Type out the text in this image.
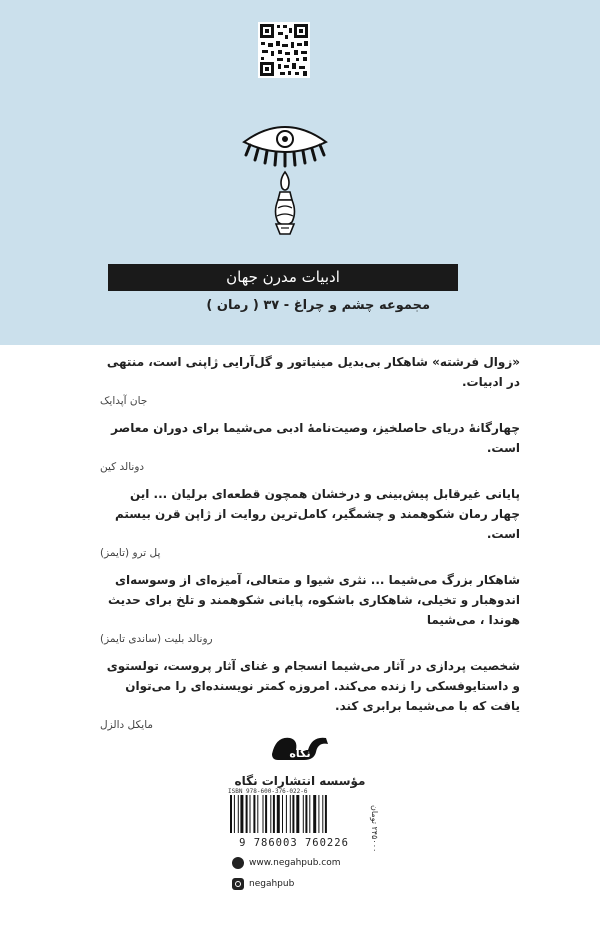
ادبیات مدرن جهان
مجموعه چشم و چراغ - ۳۷ ( رمان )
«زوال فرشته» شاهکار بی‌بدیل مینیاتور و گل‌آرایی ژاپنی است، منتهی در ادبیات.
جان آپدایک
چهارگانهٔ دریای حاصلخیز، وصیت‌نامهٔ ادبی می‌شیما برای دوران معاصر است.
دونالد کین
پایانی غیرقابل پیش‌بینی و درخشان همچون قطعه‌ای برلیان ... این چهار رمان شکوهمند و چشمگیر، کامل‌ترین روایت از ژاپن قرن بیستم است.
پل ترو (تایمز)
شاهکار بزرگ می‌شیما ... نثری شیوا و متعالی، آمیزه‌ای از وسوسه‌ای اندوهبار و تخیلی، شاهکاری باشکوه، پایانی شکوهمند و تلخ برای حدیث هوندا ، می‌شیما
رونالد بلیت (ساندی تایمز)
شخصیت پردازی در آثار می‌شیما انسجام و غنای آثار پروست، تولستوی و داستایوفسکی را زنده می‌کند. امروزه کمتر نویسنده‌ای را می‌توان یافت که با می‌شیما برابری کند.
مایکل دالزل
نگاه
مؤسسه انتشارات نگاه
ISBN 978-600-376-022-6
9 786003 760226
۲۴۵۰۰۰ تومان
www.negahpub.com
negahpub
